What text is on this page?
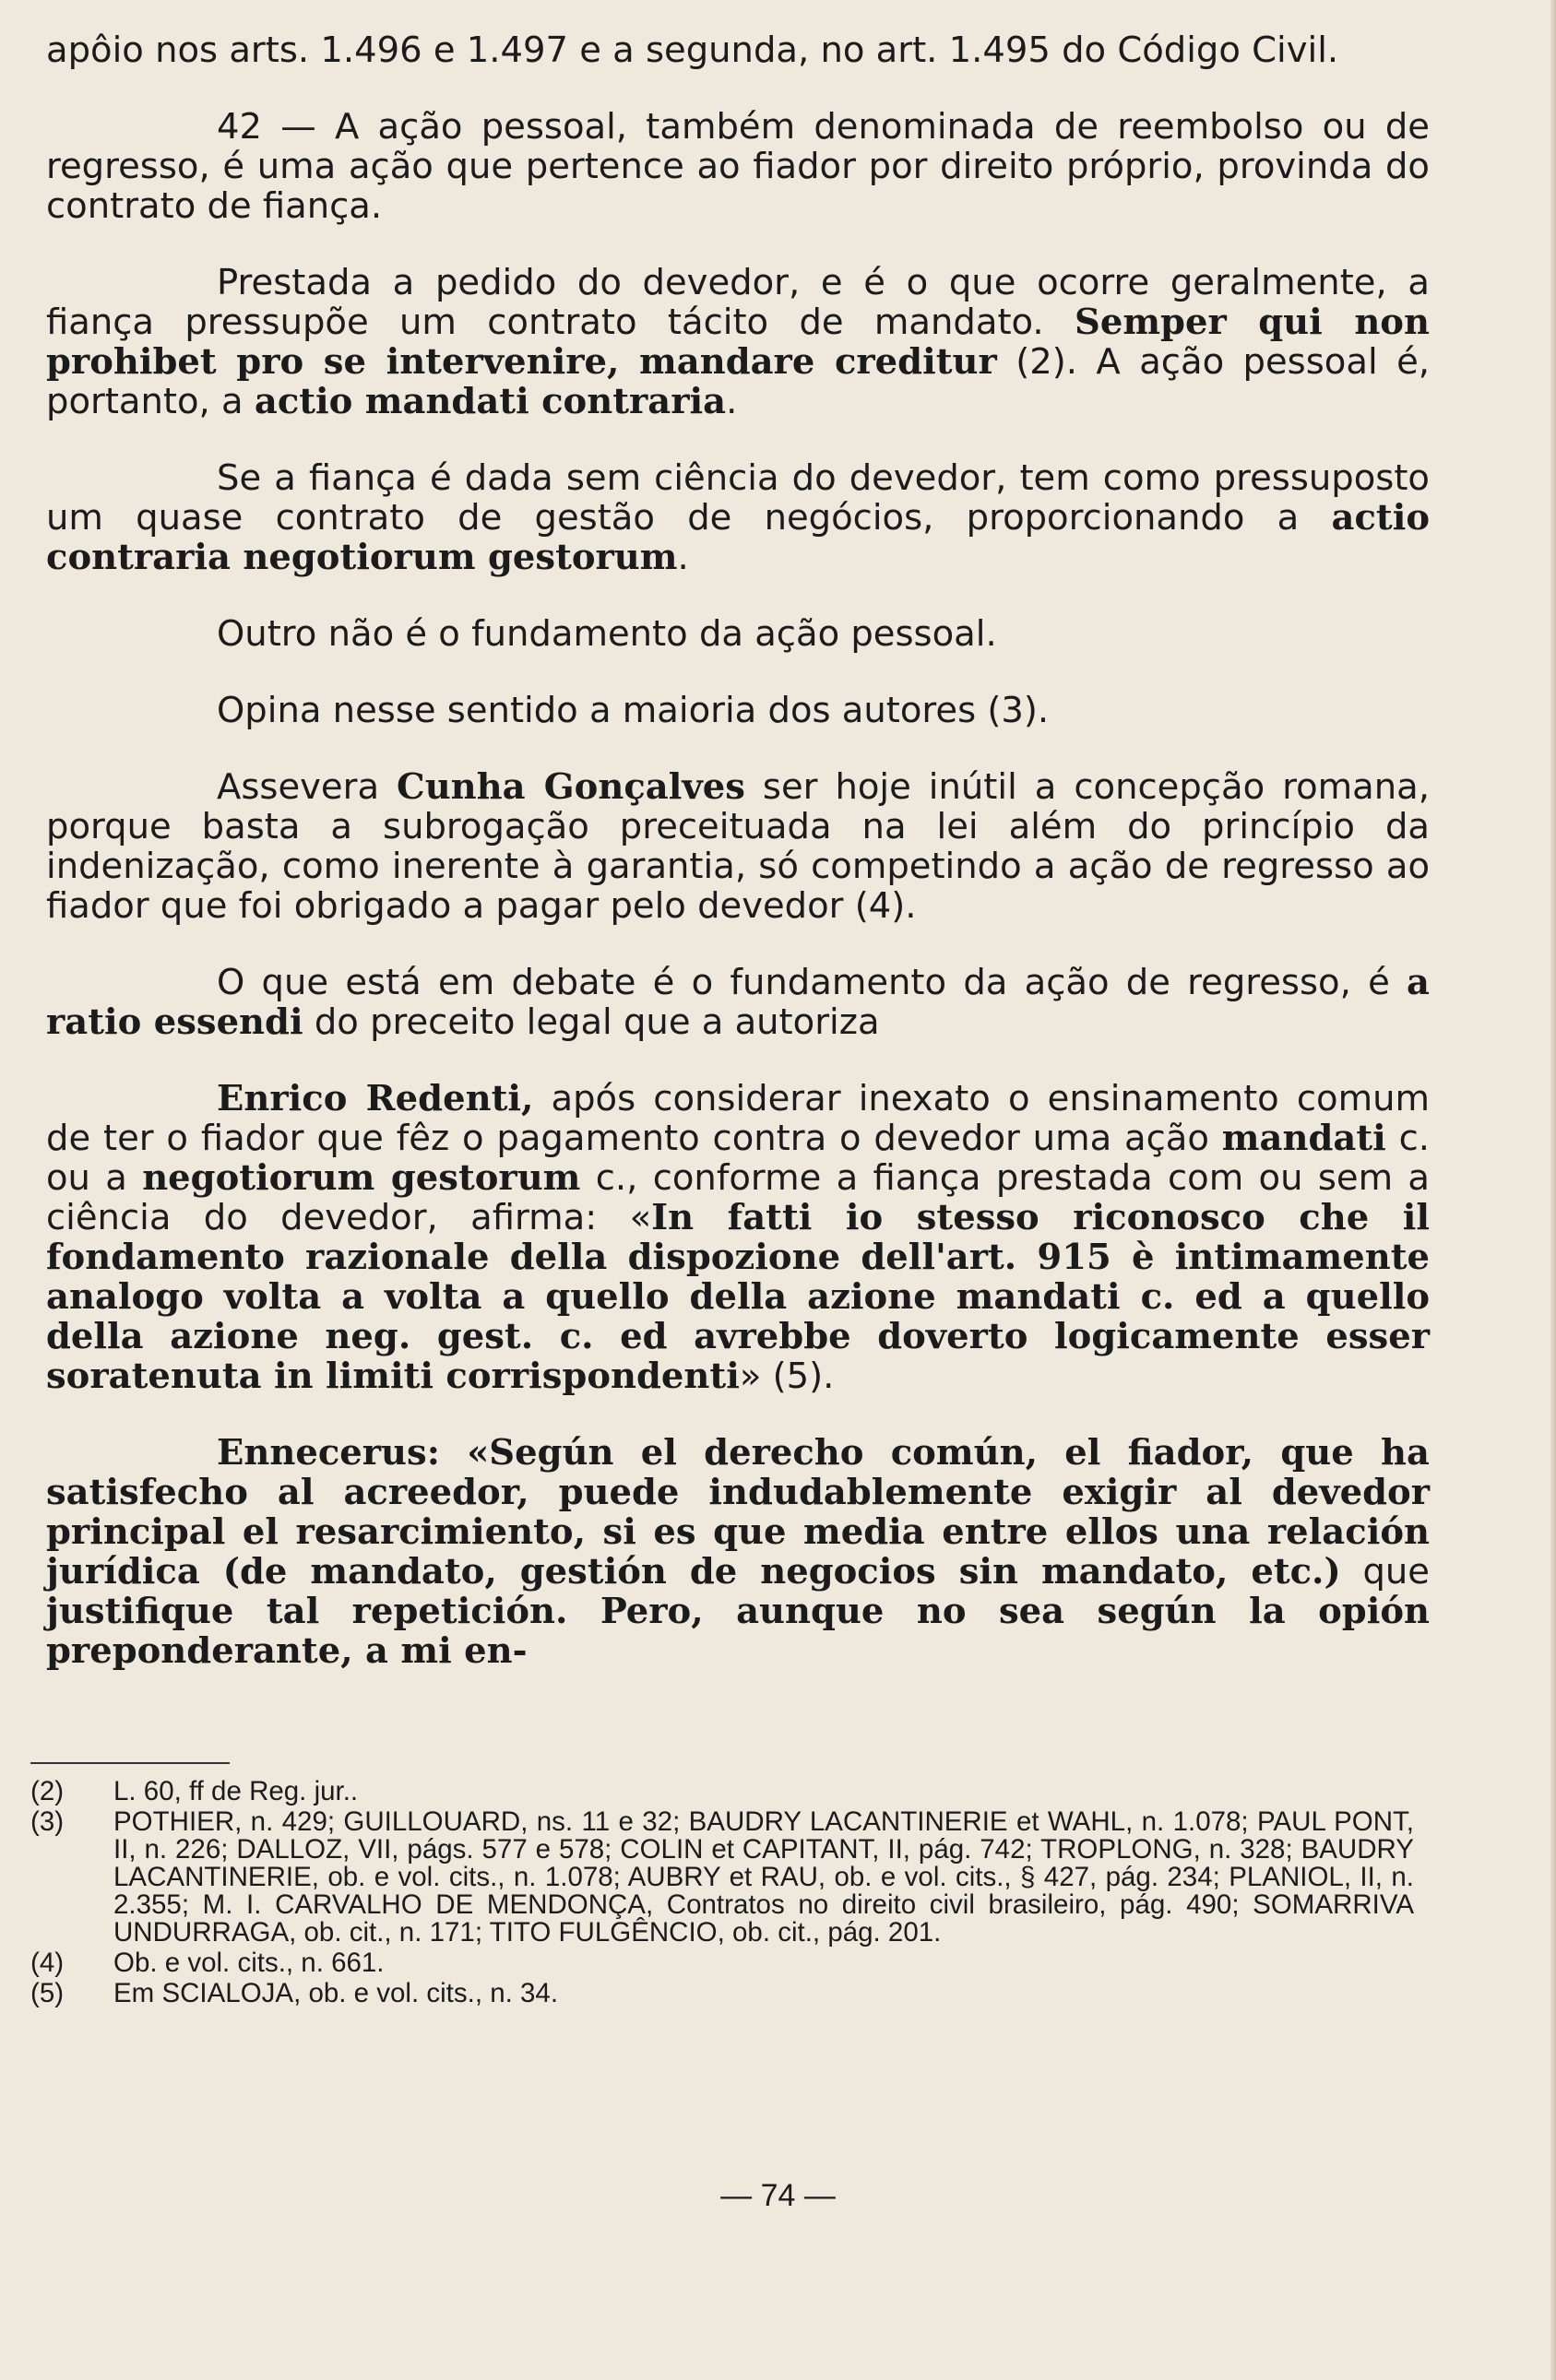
apôio nos arts. 1.496 e 1.497 e a segunda, no art. 1.495 do Código Civil.

42 — A ação pessoal, também denominada de reembolso ou de regresso, é uma ação que pertence ao fiador por direito próprio, provinda do contrato de fiança.

Prestada a pedido do devedor, e é o que ocorre geralmente, a fiança pressupõe um contrato tácito de mandato. Semper qui non prohibet pro se intervenire, mandare creditur (2). A ação pessoal é, portanto, a actio mandati contraria.

Se a fiança é dada sem ciência do devedor, tem como pressuposto um quase contrato de gestão de negócios, proporcionando a actio contraria negotiorum gestorum.

Outro não é o fundamento da ação pessoal.

Opina nesse sentido a maioria dos autores (3).

Assevera Cunha Gonçalves ser hoje inútil a concepção romana, porque basta a subrogação preceituada na lei além do princípio da indenização, como inerente à garantia, só competindo a ação de regresso ao fiador que foi obrigado a pagar pelo devedor (4).

O que está em debate é o fundamento da ação de regresso, é a ratio essendi do preceito legal que a autoriza

Enrico Redenti, após considerar inexato o ensinamento comum de ter o fiador que fêz o pagamento contra o devedor uma ação mandati c. ou a negotiorum gestorum c., conforme a fiança prestada com ou sem a ciência do devedor, afirma: «In fatti io stesso riconosco che il fondamento razionale della dispozione dell'art. 915 è intimamente analogo volta a volta a quello della azione mandati c. ed a quello della azione neg. gest. c. ed avrebbe doverto logicamente esser soratenuta in limiti corrispondenti» (5).

Ennecerus: «Según el derecho común, el fiador, que ha satisfecho al acreedor, puede indudablemente exigir al devedor principal el resarcimiento, si es que media entre ellos una relación jurídica (de mandato, gestión de negocios sin mandato, etc.) que justifique tal repetición. Pero, aunque no sea según la opión preponderante, a mi en-

(2)	L. 60, ff de Reg. jur..
(3)	POTHIER, n. 429; GUILLOUARD, ns. 11 e 32; BAUDRY LACANTINERIE et WAHL, n. 1.078; PAUL PONT, II, n. 226; DALLOZ, VII, págs. 577 e 578; COLIN et CAPITANT, II, pág. 742; TROPLONG, n. 328; BAUDRY LACANTINERIE, ob. e vol. cits., n. 1.078; AUBRY et RAU, ob. e vol. cits., § 427, pág. 234; PLANIOL, II, n. 2.355; M. I. CARVALHO DE MENDONÇA, Contratos no direito civil brasileiro, pág. 490; SOMARRIVA UNDURRAGA, ob. cit., n. 171; TITO FULGÊNCIO, ob. cit., pág. 201.
(4)	Ob. e vol. cits., n. 661.
(5)	Em SCIALOJA, ob. e vol. cits., n. 34.
— 74 —
